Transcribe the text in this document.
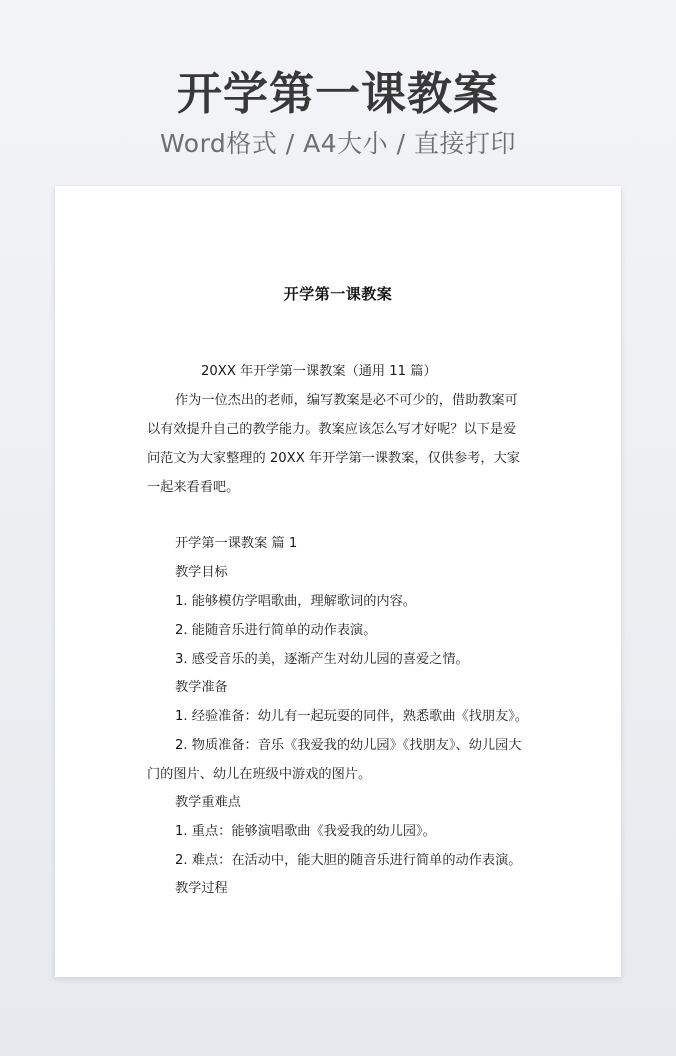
开学第一课教案
Word格式 / A4大小 / 直接打印
开学第一课教案
20XX 年开学第一课教案（通用 11 篇）
作为一位杰出的老师，编写教案是必不可少的，借助教案可
以有效提升自己的教学能力。教案应该怎么写才好呢？以下是爱
问范文为大家整理的 20XX 年开学第一课教案，仅供参考，大家
一起来看看吧。
开学第一课教案 篇 1
教学目标
1. 能够模仿学唱歌曲，理解歌词的内容。
2. 能随音乐进行简单的动作表演。
3. 感受音乐的美，逐渐产生对幼儿园的喜爱之情。
教学准备
1. 经验准备：幼儿有一起玩耍的同伴，熟悉歌曲《找朋友》。
2. 物质准备：音乐《我爱我的幼儿园》《找朋友》、幼儿园大
门的图片、幼儿在班级中游戏的图片。
教学重难点
1. 重点：能够演唱歌曲《我爱我的幼儿园》。
2. 难点：在活动中，能大胆的随音乐进行简单的动作表演。
教学过程
